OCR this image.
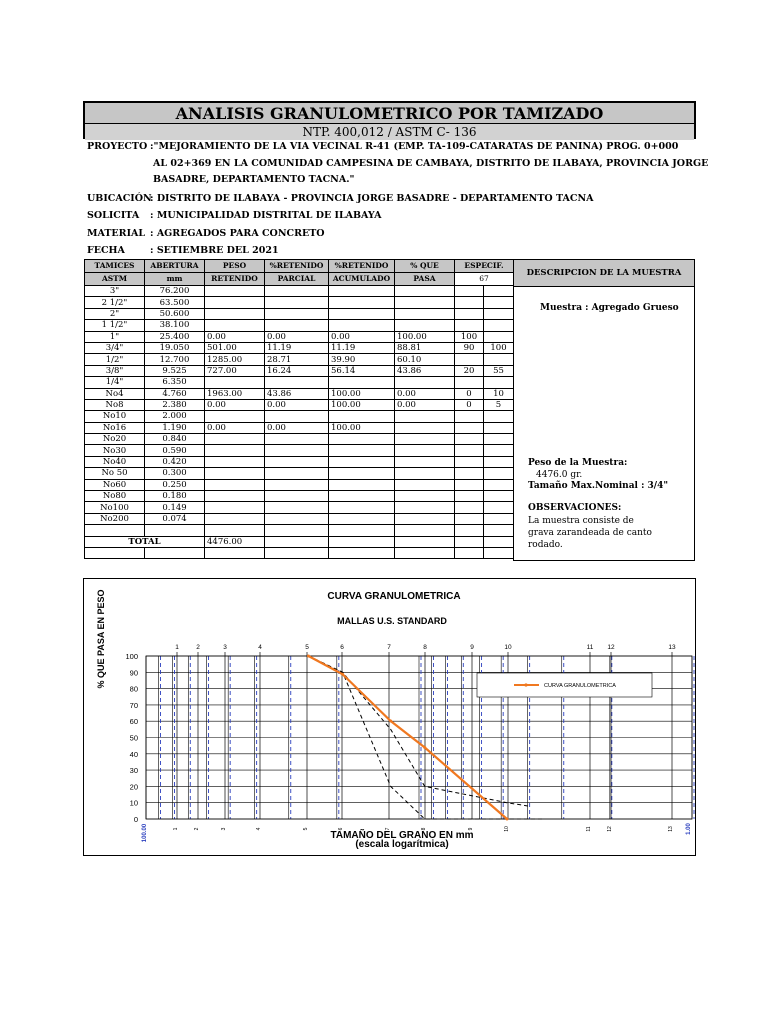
ANALISIS GRANULOMETRICO POR TAMIZADO
NTP. 400,012 / ASTM C- 136
PROYECTO :"MEJORAMIENTO DE LA VIA VECINAL R-41 (EMP. TA-109-CATARATAS DE PANINA) PROG. 0+000
AL 02+369 EN LA COMUNIDAD CAMPESINA DE CAMBAYA, DISTRITO DE ILABAYA, PROVINCIA JORGE
BASADRE, DEPARTAMENTO TACNA."
UBICACIÓN
: DISTRITO DE ILABAYA - PROVINCIA JORGE BASADRE - DEPARTAMENTO TACNA
SOLICITA : MUNICIPALIDAD DISTRITAL DE ILABAYA
MATERIAL : AGREGADOS PARA CONCRETO
FECHA	: SETIEMBRE DEL 2021
TAMICES	ABERTURA	PESO	%RETENIDO	%RETENIDO	% QUE	ESPECIF.	
ASTM	mm	RETENIDO	PARCIAL	ACUMULADO	PASA	67	
3"	76.200						
2 1/2"	63.500						
2"	50.600						
1 1/2"	38.100						
1"	25.400	0.00	0.00	0.00	100.00	100	
3/4"	19.050	501.00	11.19	11.19	88.81	90	100
1/2"	12.700	1285.00	28.71	39.90	60.10		
3/8"	9.525	727.00	16.24	56.14	43.86	20	55
1/4"	6.350						
No4	4.760	1963.00	43.86	100.00	0.00	0	10
No8	2.380	0.00	0.00	100.00	0.00	0	5
No10	2.000						
No16	1.190	0.00	0.00	100.00			
No20	0.840						
No30	0.590						
No40	0.420						
No 50	0.300						
No60	0.250						
No80	0.180						
No100	0.149						
No200	0.074						

TOTAL		4476.00					

DESCRIPCION DE LA MUESTRA
Muestra : Agregado Grueso
Peso de la Muestra:
4476.0 gr.
Tamaño Max.Nominal : 3/4"
OBSERVACIONES:
La muestra consiste de
grava zarandeada de canto
rodado.
CURVA GRANULOMETRICA
CURVA GRANULOMETRICA
MALLAS U.S. STANDARD
TAMAÑO DEL GRANO EN mm
(escala logarítmica)
% QUE PASA EN PESO	100
90
80
70
60
50
40
30
20
10
0
1	2	3	4	5	6	7	8	9	10	11 12	13
1	2	3	4	5	6	7	8	9	10	11	12	13
100.00	1.00
